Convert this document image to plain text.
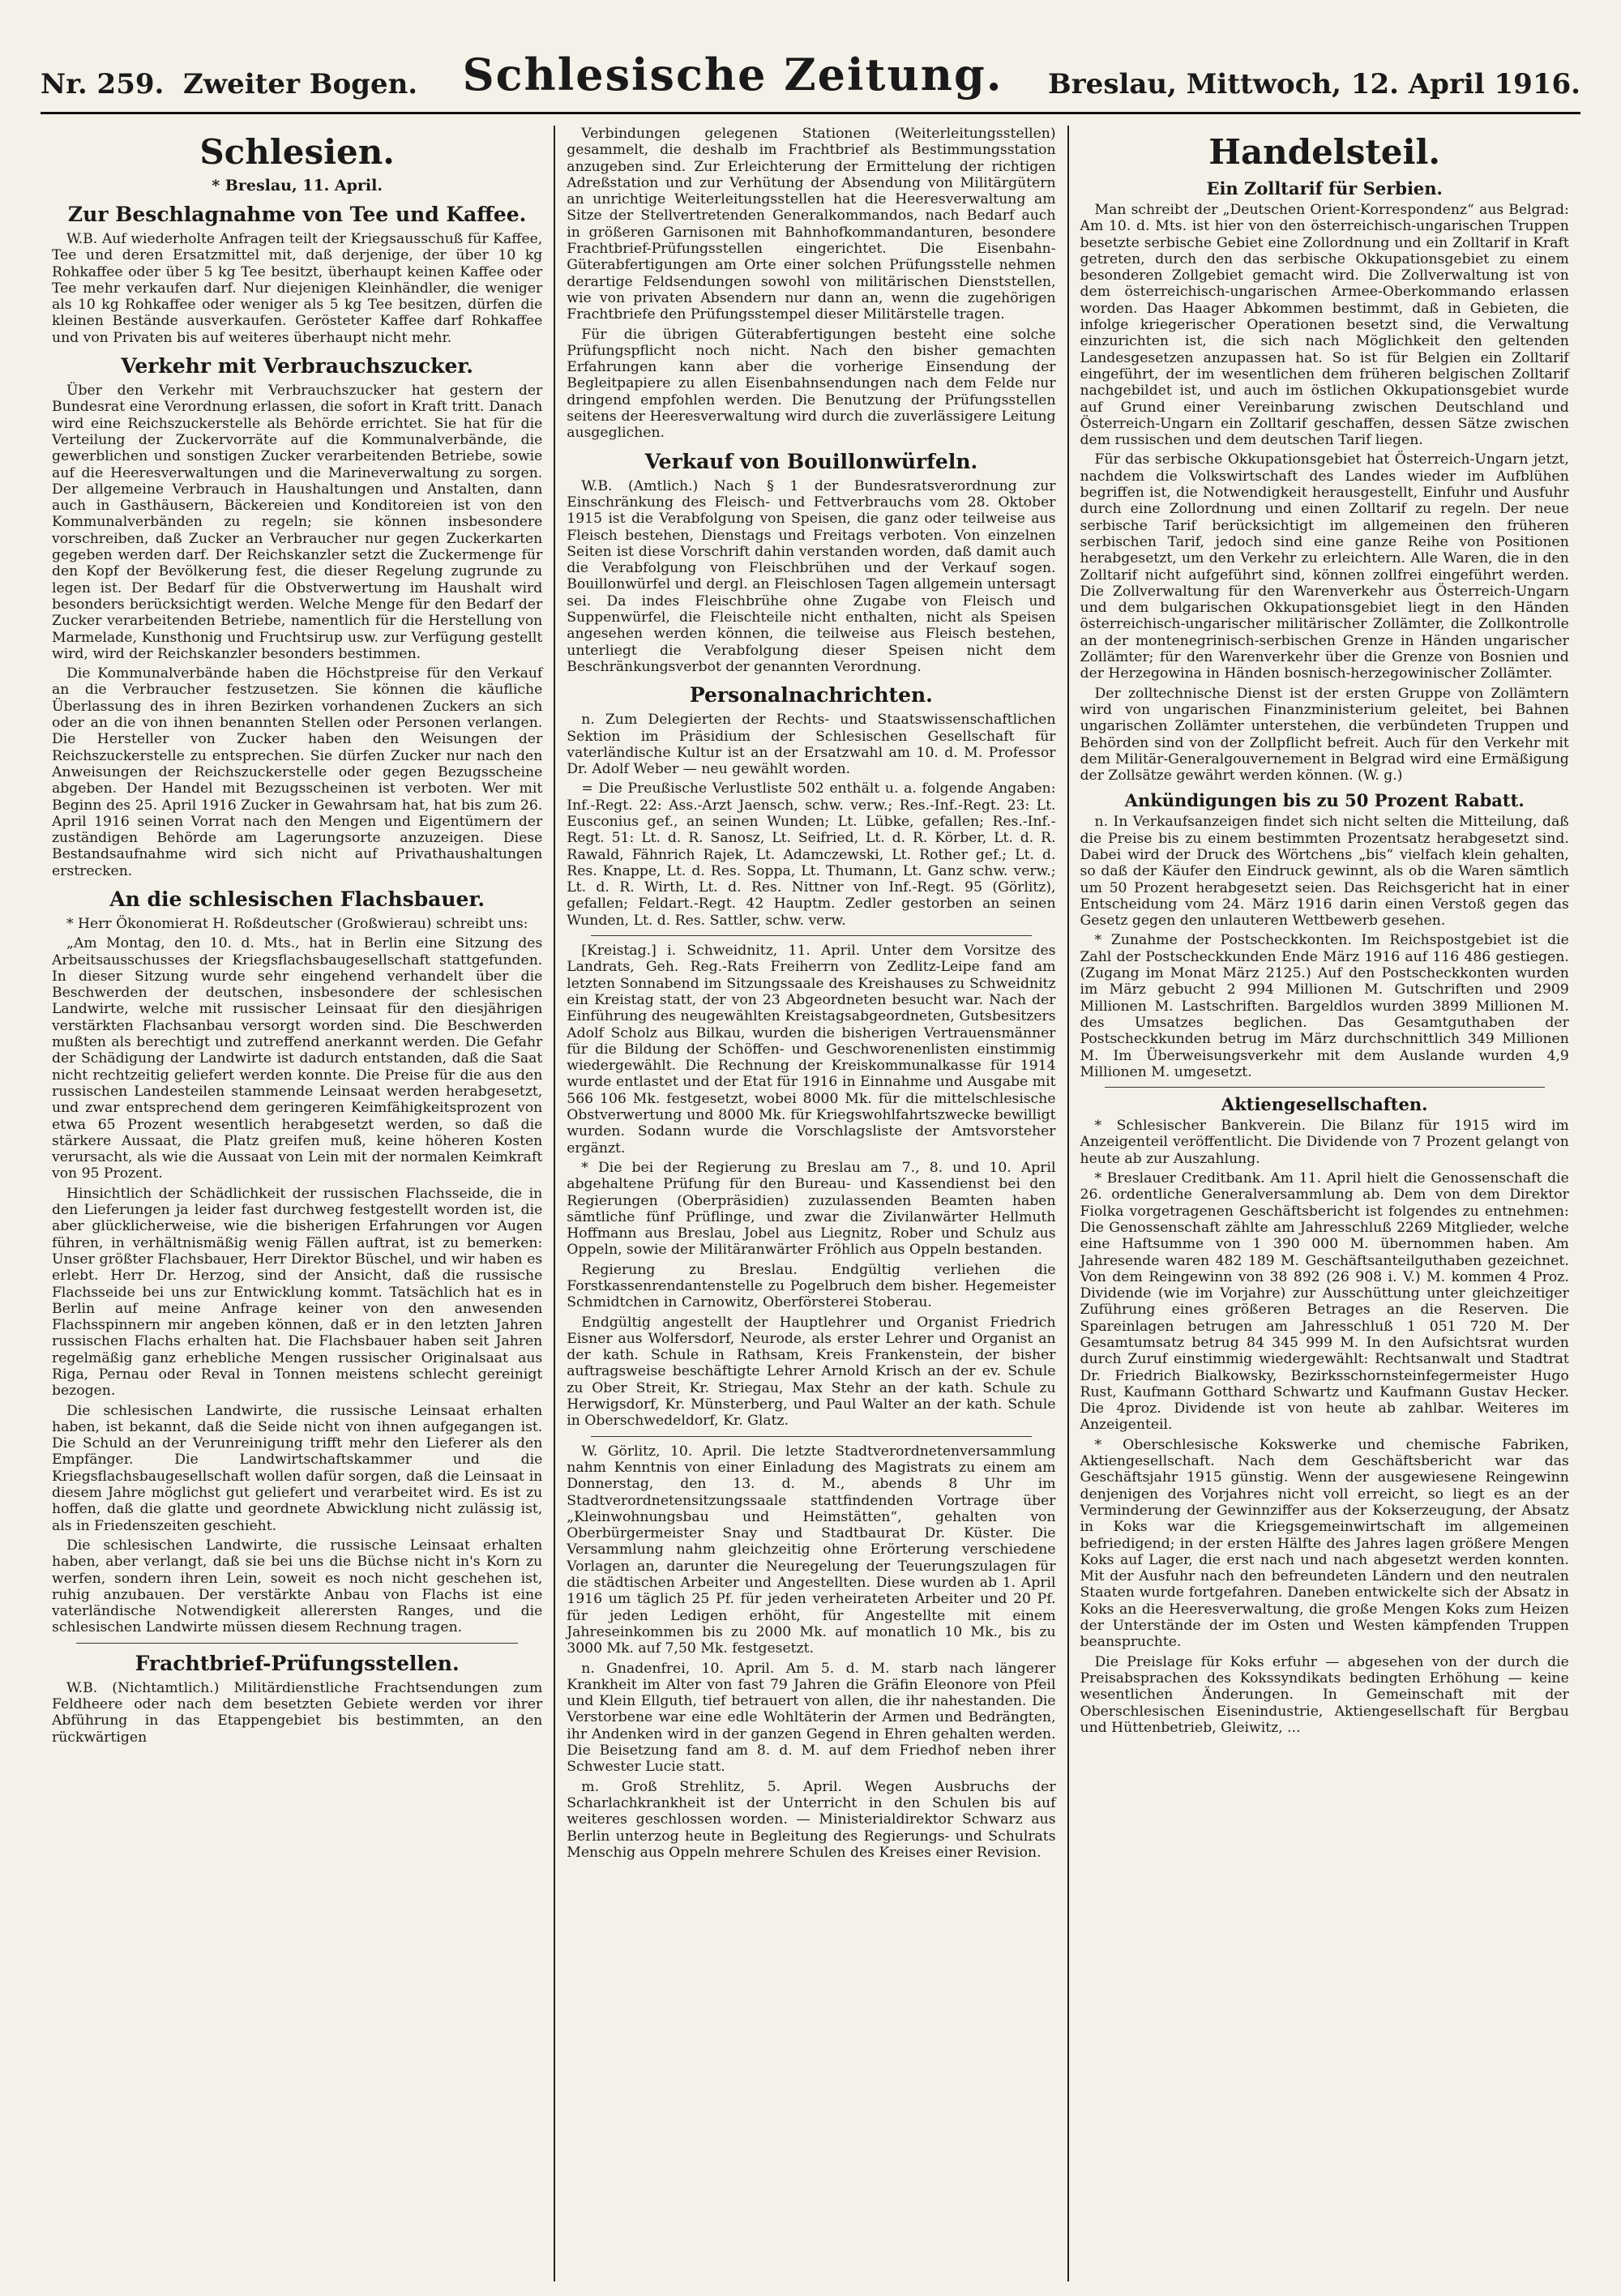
Nr. 259. Zweiter Bogen. Schlesische Zeitung. Breslau, Mittwoch, 12. April 1916.
Schlesien.
* Breslau, 11. April.
Zur Beschlagnahme von Tee und Kaffee.

W.B. Auf wiederholte Anfragen teilt der Kriegsausschuß für Kaffee, Tee und deren Ersatzmittel mit, daß derjenige, der über 10 kg Rohkaffee oder über 5 kg Tee besitzt, überhaupt keinen Kaffee oder Tee mehr verkaufen darf. Nur diejenigen Kleinhändler, die weniger als 10 kg Rohkaffee oder weniger als 5 kg Tee besitzen, dürfen die kleinen Bestände ausverkaufen. Gerösteter Kaffee darf Rohkaffee und von Privaten bis auf weiteres überhaupt nicht mehr.

Verkehr mit Verbrauchszucker.

Über den Verkehr mit Verbrauchszucker hat gestern der Bundesrat eine Verordnung erlassen, die sofort in Kraft tritt. Danach wird eine Reichszuckerstelle als Behörde errichtet. Sie hat für die Verteilung der Zuckervorräte auf die Kommunalverbände, die gewerblichen und sonstigen Zucker verarbeitenden Betriebe, sowie auf die Heeresverwaltungen und die Marineverwaltung zu sorgen. Der allgemeine Verbrauch in Haushaltungen und Anstalten, dann auch in Gasthäusern, Bäckereien und Konditoreien ist von den Kommunalverbänden zu regeln; sie können insbesondere vorschreiben, daß Zucker an Verbraucher nur gegen Zuckerkarten gegeben werden darf. Der Reichskanzler setzt die Zuckermenge für den Kopf der Bevölkerung fest, die dieser Regelung zugrunde zu legen ist. Der Bedarf für die Obstverwertung im Haushalt wird besonders berücksichtigt werden. Welche Menge für den Bedarf der Zucker verarbeitenden Betriebe, namentlich für die Herstellung von Marmelade, Kunsthonig und Fruchtsirup usw. zur Verfügung gestellt wird, wird der Reichskanzler besonders bestimmen.

Die Kommunalverbände haben die Höchstpreise für den Verkauf an die Verbraucher festzusetzen. Sie können die käufliche Überlassung des in ihren Bezirken vorhandenen Zuckers an sich oder an die von ihnen benannten Stellen oder Personen verlangen. Die Hersteller von Zucker haben den Weisungen der Reichszuckerstelle zu entsprechen. Sie dürfen Zucker nur nach den Anweisungen der Reichszuckerstelle oder gegen Bezugsscheine abgeben. Der Handel mit Bezugsscheinen ist verboten. Wer mit Beginn des 25. April 1916 Zucker in Gewahrsam hat, hat bis zum 26. April 1916 seinen Vorrat nach den Mengen und Eigentümern der zuständigen Behörde am Lagerungsorte anzuzeigen. Diese Bestandsaufnahme wird sich nicht auf Privathaushaltungen erstrecken.

An die schlesischen Flachsbauer.

* Herr Ökonomierat H. Roßdeutscher (Großwierau) schreibt uns:

„Am Montag, den 10. d. Mts., hat in Berlin eine Sitzung des Arbeitsausschusses der Kriegsflachsbaugesellschaft stattgefunden. In dieser Sitzung wurde sehr eingehend verhandelt über die Beschwerden der deutschen, insbesondere der schlesischen Landwirte, welche mit russischer Leinsaat für den diesjährigen verstärkten Flachsanbau versorgt worden sind. Die Beschwerden mußten als berechtigt und zutreffend anerkannt werden. Die Gefahr der Schädigung der Landwirte ist dadurch entstanden, daß die Saat nicht rechtzeitig geliefert werden konnte. Die Preise für die aus den russischen Landesteilen stammende Leinsaat werden herabgesetzt, und zwar entsprechend dem geringeren Keimfähigkeitsprozent von etwa 65 Prozent wesentlich herabgesetzt werden, so daß die stärkere Aussaat, die Platz greifen muß, keine höheren Kosten verursacht, als wie die Aussaat von Lein mit der normalen Keimkraft von 95 Prozent.

Hinsichtlich der Schädlichkeit der russischen Flachsseide, die in den Lieferungen ja leider fast durchweg festgestellt worden ist, die aber glücklicherweise, wie die bisherigen Erfahrungen vor Augen führen, in verhältnismäßig wenig Fällen auftrat, ist zu bemerken: Unser größter Flachsbauer, Herr Direktor Büschel, und wir haben es erlebt. Herr Dr. Herzog, sind der Ansicht, daß die russische Flachsseide bei uns zur Entwicklung kommt. Tatsächlich hat es in Berlin auf meine Anfrage keiner von den anwesenden Flachsspinnern mir angeben können, daß er in den letzten Jahren russischen Flachs erhalten hat. Die Flachsbauer haben seit Jahren regelmäßig ganz erhebliche Mengen russischer Originalsaat aus Riga, Pernau oder Reval in Tonnen meistens schlecht gereinigt bezogen.

Die schlesischen Landwirte, die russische Leinsaat erhalten haben, ist bekannt, daß die Seide nicht von ihnen aufgegangen ist. Die Schuld an der Verunreinigung trifft mehr den Lieferer als den Empfänger. Die Landwirtschaftskammer und die Kriegsflachsbaugesellschaft wollen dafür sorgen, daß die Leinsaat in diesem Jahre möglichst gut geliefert und verarbeitet wird. Es ist zu hoffen, daß die glatte und geordnete Abwicklung nicht zulässig ist, als in Friedenszeiten geschieht.

Die schlesischen Landwirte, die russische Leinsaat erhalten haben, aber verlangt, daß sie bei uns die Büchse nicht in's Korn zu werfen, sondern ihren Lein, soweit es noch nicht geschehen ist, ruhig anzubauen. Der verstärkte Anbau von Flachs ist eine vaterländische Notwendigkeit allerersten Ranges, und die schlesischen Landwirte müssen diesem Rechnung tragen.

Frachtbrief-Prüfungsstellen.

W.B. (Nichtamtlich.) Militärdienstliche Frachtsendungen zum Feldheere oder nach dem besetzten Gebiete werden vor ihrer Abführung in das Etappengebiet bis bestimmten, an den rückwärtigen

Verbindungen gelegenen Stationen (Weiterleitungsstellen) gesammelt, die deshalb im Frachtbrief als Bestimmungsstation anzugeben sind. Zur Erleichterung der Ermittelung der richtigen Adreßstation und zur Verhütung der Absendung von Militärgütern an unrichtige Weiterleitungsstellen hat die Heeresverwaltung am Sitze der Stellvertretenden Generalkommandos, nach Bedarf auch in größeren Garnisonen mit Bahnhofkommandanturen, besondere Frachtbrief-Prüfungsstellen eingerichtet. Die Eisenbahn-Güterabfertigungen am Orte einer solchen Prüfungsstelle nehmen derartige Feldsendungen sowohl von militärischen Dienststellen, wie von privaten Absendern nur dann an, wenn die zugehörigen Frachtbriefe den Prüfungsstempel dieser Militärstelle tragen.

Für die übrigen Güterabfertigungen besteht eine solche Prüfungspflicht noch nicht. Nach den bisher gemachten Erfahrungen kann aber die vorherige Einsendung der Begleitpapiere zu allen Eisenbahnsendungen nach dem Felde nur dringend empfohlen werden. Die Benutzung der Prüfungsstellen seitens der Heeresverwaltung wird durch die zuverlässigere Leitung ausgeglichen.

Verkauf von Bouillonwürfeln.

W.B. (Amtlich.) Nach § 1 der Bundesratsverordnung zur Einschränkung des Fleisch- und Fettverbrauchs vom 28. Oktober 1915 ist die Verabfolgung von Speisen, die ganz oder teilweise aus Fleisch bestehen, Dienstags und Freitags verboten. Von einzelnen Seiten ist diese Vorschrift dahin verstanden worden, daß damit auch die Verabfolgung von Fleischbrühen und der Verkauf sogen. Bouillonwürfel und dergl. an Fleischlosen Tagen allgemein untersagt sei. Da indes Fleischbrühe ohne Zugabe von Fleisch und Suppenwürfel, die Fleischteile nicht enthalten, nicht als Speisen angesehen werden können, die teilweise aus Fleisch bestehen, unterliegt die Verabfolgung dieser Speisen nicht dem Beschränkungsverbot der genannten Verordnung.

Personalnachrichten.

n. Zum Delegierten der Rechts- und Staatswissenschaftlichen Sektion im Präsidium der Schlesischen Gesellschaft für vaterländische Kultur ist an der Ersatzwahl am 10. d. M. Professor Dr. Adolf Weber — neu gewählt worden.

= Die Preußische Verlustliste 502 enthält u. a. folgende Angaben: Inf.-Regt. 22: Ass.-Arzt Jaensch, schw. verw.; Res.-Inf.-Regt. 23: Lt. Eusconius gef., an seinen Wunden; Lt. Lübke, gefallen; Res.-Inf.-Regt. 51: Lt. d. R. Sanosz, Lt. Seifried, Lt. d. R. Körber, Lt. d. R. Rawald, Fähnrich Rajek, Lt. Adamczewski, Lt. Rother gef.; Lt. d. Res. Knappe, Lt. d. Res. Soppa, Lt. Thumann, Lt. Ganz schw. verw.; Lt. d. R. Wirth, Lt. d. Res. Nittner von Inf.-Regt. 95 (Görlitz), gefallen; Feldart.-Regt. 42 Hauptm. Zedler gestorben an seinen Wunden, Lt. d. Res. Sattler, schw. verw.

[Kreistag.] i. Schweidnitz, 11. April. Unter dem Vorsitze des Landrats, Geh. Reg.-Rats Freiherrn von Zedlitz-Leipe fand am letzten Sonnabend im Sitzungssaale des Kreishauses zu Schweidnitz ein Kreistag statt, der von 23 Abgeordneten besucht war. Nach der Einführung des neugewählten Kreistagsabgeordneten, Gutsbesitzers Adolf Scholz aus Bilkau, wurden die bisherigen Vertrauensmänner für die Bildung der Schöffen- und Geschworenenlisten einstimmig wiedergewählt. Die Rechnung der Kreiskommunalkasse für 1914 wurde entlastet und der Etat für 1916 in Einnahme und Ausgabe mit 566 106 Mk. festgesetzt, wobei 8000 Mk. für die mittelschlesische Obstverwertung und 8000 Mk. für Kriegswohlfahrtszwecke bewilligt wurden. Sodann wurde die Vorschlagsliste der Amtsvorsteher ergänzt.

* Die bei der Regierung zu Breslau am 7., 8. und 10. April abgehaltene Prüfung für den Bureau- und Kassendienst bei den Regierungen (Oberpräsidien) zuzulassenden Beamten haben sämtliche fünf Prüflinge, und zwar die Zivilanwärter Hellmuth Hoffmann aus Breslau, Jobel aus Liegnitz, Rober und Schulz aus Oppeln, sowie der Militäranwärter Fröhlich aus Oppeln bestanden.

Regierung zu Breslau. Endgültig verliehen die Forstkassenrendantenstelle zu Pogelbruch dem bisher. Hegemeister Schmidtchen in Carnowitz, Oberförsterei Stoberau.

Endgültig angestellt der Hauptlehrer und Organist Friedrich Eisner aus Wolfersdorf, Neurode, als erster Lehrer und Organist an der kath. Schule in Rathsam, Kreis Frankenstein, der bisher auftragsweise beschäftigte Lehrer Arnold Krisch an der ev. Schule zu Ober Streit, Kr. Striegau, Max Stehr an der kath. Schule zu Herwigsdorf, Kr. Münsterberg, und Paul Walter an der kath. Schule in Oberschwedeldorf, Kr. Glatz.

W. Görlitz, 10. April. Die letzte Stadtverordnetenversammlung nahm Kenntnis von einer Einladung des Magistrats zu einem am Donnerstag, den 13. d. M., abends 8 Uhr im Stadtverordnetensitzungssaale stattfindenden Vortrage über „Kleinwohnungsbau und Heimstätten“, gehalten von Oberbürgermeister Snay und Stadtbaurat Dr. Küster. Die Versammlung nahm gleichzeitig ohne Erörterung verschiedene Vorlagen an, darunter die Neuregelung der Teuerungszulagen für die städtischen Arbeiter und Angestellten. Diese wurden ab 1. April 1916 um täglich 25 Pf. für jeden verheirateten Arbeiter und 20 Pf. für jeden Ledigen erhöht, für Angestellte mit einem Jahreseinkommen bis zu 2000 Mk. auf monatlich 10 Mk., bis zu 3000 Mk. auf 7,50 Mk. festgesetzt.

n. Gnadenfrei, 10. April. Am 5. d. M. starb nach längerer Krankheit im Alter von fast 79 Jahren die Gräfin Eleonore von Pfeil und Klein Ellguth, tief betrauert von allen, die ihr nahestanden. Die Verstorbene war eine edle Wohltäterin der Armen und Bedrängten, ihr Andenken wird in der ganzen Gegend in Ehren gehalten werden. Die Beisetzung fand am 8. d. M. auf dem Friedhof neben ihrer Schwester Lucie statt.

m. Groß Strehlitz, 5. April. Wegen Ausbruchs der Scharlachkrankheit ist der Unterricht in den Schulen bis auf weiteres geschlossen worden. — Ministerialdirektor Schwarz aus Berlin unterzog heute in Begleitung des Regierungs- und Schulrats Menschig aus Oppeln mehrere Schulen des Kreises einer Revision.

Handelsteil.
Ein Zolltarif für Serbien.

Man schreibt der „Deutschen Orient-Korrespondenz“ aus Belgrad: Am 10. d. Mts. ist hier von den österreichisch-ungarischen Truppen besetzte serbische Gebiet eine Zollordnung und ein Zolltarif in Kraft getreten, durch den das serbische Okkupationsgebiet zu einem besonderen Zollgebiet gemacht wird. Die Zollverwaltung ist von dem österreichisch-ungarischen Armee-Oberkommando erlassen worden. Das Haager Abkommen bestimmt, daß in Gebieten, die infolge kriegerischer Operationen besetzt sind, die Verwaltung einzurichten ist, die sich nach Möglichkeit den geltenden Landesgesetzen anzupassen hat. So ist für Belgien ein Zolltarif eingeführt, der im wesentlichen dem früheren belgischen Zolltarif nachgebildet ist, und auch im östlichen Okkupationsgebiet wurde auf Grund einer Vereinbarung zwischen Deutschland und Österreich-Ungarn ein Zolltarif geschaffen, dessen Sätze zwischen dem russischen und dem deutschen Tarif liegen.

Für das serbische Okkupationsgebiet hat Österreich-Ungarn jetzt, nachdem die Volkswirtschaft des Landes wieder im Aufblühen begriffen ist, die Notwendigkeit herausgestellt, Einfuhr und Ausfuhr durch eine Zollordnung und einen Zolltarif zu regeln. Der neue serbische Tarif berücksichtigt im allgemeinen den früheren serbischen Tarif, jedoch sind eine ganze Reihe von Positionen herabgesetzt, um den Verkehr zu erleichtern. Alle Waren, die in den Zolltarif nicht aufgeführt sind, können zollfrei eingeführt werden. Die Zollverwaltung für den Warenverkehr aus Österreich-Ungarn und dem bulgarischen Okkupationsgebiet liegt in den Händen österreichisch-ungarischer militärischer Zollämter, die Zollkontrolle an der montenegrinisch-serbischen Grenze in Händen ungarischer Zollämter; für den Warenverkehr über die Grenze von Bosnien und der Herzegowina in Händen bosnisch-herzegowinischer Zollämter.

Der zolltechnische Dienst ist der ersten Gruppe von Zollämtern wird von ungarischen Finanzministerium geleitet, bei Bahnen ungarischen Zollämter unterstehen, die verbündeten Truppen und Behörden sind von der Zollpflicht befreit. Auch für den Verkehr mit dem Militär-Generalgouvernement in Belgrad wird eine Ermäßigung der Zollsätze gewährt werden können. (W. g.)

Ankündigungen bis zu 50 Prozent Rabatt.

n. In Verkaufsanzeigen findet sich nicht selten die Mitteilung, daß die Preise bis zu einem bestimmten Prozentsatz herabgesetzt sind. Dabei wird der Druck des Wörtchens „bis“ vielfach klein gehalten, so daß der Käufer den Eindruck gewinnt, als ob die Waren sämtlich um 50 Prozent herabgesetzt seien. Das Reichsgericht hat in einer Entscheidung vom 24. März 1916 darin einen Verstoß gegen das Gesetz gegen den unlauteren Wettbewerb gesehen.

* Zunahme der Postscheckkonten. Im Reichspostgebiet ist die Zahl der Postscheckkunden Ende März 1916 auf 116 486 gestiegen. (Zugang im Monat März 2125.) Auf den Postscheckkonten wurden im März gebucht 2 994 Millionen M. Gutschriften und 2909 Millionen M. Lastschriften. Bargeldlos wurden 3899 Millionen M. des Umsatzes beglichen. Das Gesamtguthaben der Postscheckkunden betrug im März durchschnittlich 349 Millionen M. Im Überweisungsverkehr mit dem Auslande wurden 4,9 Millionen M. umgesetzt.

Aktiengesellschaften.

* Schlesischer Bankverein. Die Bilanz für 1915 wird im Anzeigenteil veröffentlicht. Die Dividende von 7 Prozent gelangt von heute ab zur Auszahlung.

* Breslauer Creditbank. Am 11. April hielt die Genossenschaft die 26. ordentliche Generalversammlung ab. Dem von dem Direktor Fiolka vorgetragenen Geschäftsbericht ist folgendes zu entnehmen: Die Genossenschaft zählte am Jahresschluß 2269 Mitglieder, welche eine Haftsumme von 1 390 000 M. übernommen haben. Am Jahresende waren 482 189 M. Geschäftsanteilguthaben gezeichnet. Von dem Reingewinn von 38 892 (26 908 i. V.) M. kommen 4 Proz. Dividende (wie im Vorjahre) zur Ausschüttung unter gleichzeitiger Zuführung eines größeren Betrages an die Reserven. Die Spareinlagen betrugen am Jahresschluß 1 051 720 M. Der Gesamtumsatz betrug 84 345 999 M. In den Aufsichtsrat wurden durch Zuruf einstimmig wiedergewählt: Rechtsanwalt und Stadtrat Dr. Friedrich Bialkowsky, Bezirksschornsteinfegermeister Hugo Rust, Kaufmann Gotthard Schwartz und Kaufmann Gustav Hecker. Die 4proz. Dividende ist von heute ab zahlbar. Weiteres im Anzeigenteil.

* Oberschlesische Kokswerke und chemische Fabriken, Aktiengesellschaft. Nach dem Geschäftsbericht war das Geschäftsjahr 1915 günstig. Wenn der ausgewiesene Reingewinn denjenigen des Vorjahres nicht voll erreicht, so liegt es an der Verminderung der Gewinnziffer aus der Kokserzeugung, der Absatz in Koks war die Kriegsgemeinwirtschaft im allgemeinen befriedigend; in der ersten Hälfte des Jahres lagen größere Mengen Koks auf Lager, die erst nach und nach abgesetzt werden konnten. Mit der Ausfuhr nach den befreundeten Ländern und den neutralen Staaten wurde fortgefahren. Daneben entwickelte sich der Absatz in Koks an die Heeresverwaltung, die große Mengen Koks zum Heizen der Unterstände der im Osten und Westen kämpfenden Truppen beanspruchte.

Die Preislage für Koks erfuhr — abgesehen von der durch die Preisabsprachen des Kokssyndikats bedingten Erhöhung — keine wesentlichen Änderungen. In Gemeinschaft mit der Oberschlesischen Eisenindustrie, Aktiengesellschaft für Bergbau und Hüttenbetrieb, Gleiwitz, ...
